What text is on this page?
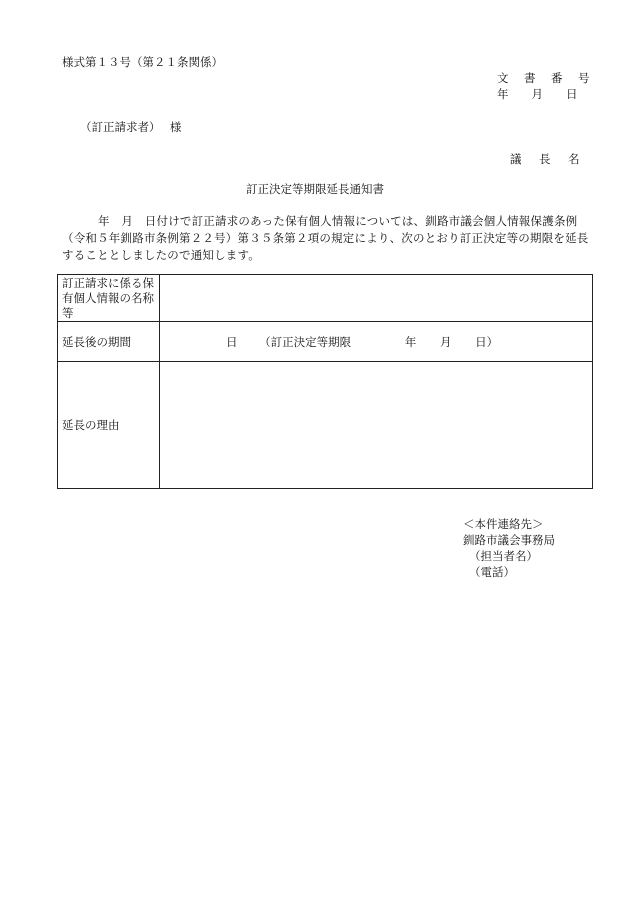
様式第１３号（第２１条関係）
文　書　番　号
年　　月　　日
（訂正請求者）　 様
議　長　名
訂正決定等期限延長通知書
年　月　日付けで訂正請求のあった保有個人情報については、釧路市議会個人情報保護条例（令和５年釧路市条例第２２号）第３５条第２項の規定により、次のとおり訂正決定等の期限を延長することとしましたので通知します。
訂正請求に係る保有個人情報の名称等	
延長後の期間	日 （訂正決定等期限 年 月 日）
延長の理由	
＜本件連絡先＞
釧路市議会事務局
（担当者名）
（電話）
